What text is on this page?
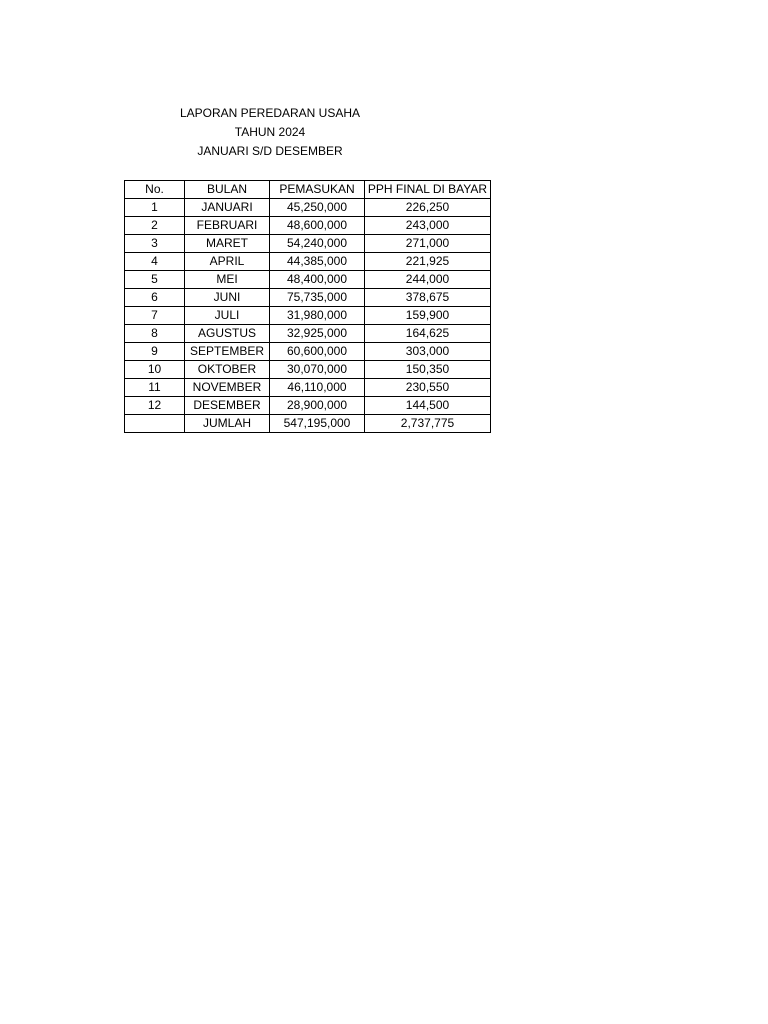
LAPORAN PEREDARAN USAHA
TAHUN 2024
JANUARI S/D DESEMBER
No.	BULAN	PEMASUKAN	PPH FINAL DI BAYAR
1	JANUARI	45,250,000	226,250
2	FEBRUARI	48,600,000	243,000
3	MARET	54,240,000	271,000
4	APRIL	44,385,000	221,925
5	MEI	48,400,000	244,000
6	JUNI	75,735,000	378,675
7	JULI	31,980,000	159,900
8	AGUSTUS	32,925,000	164,625
9	SEPTEMBER	60,600,000	303,000
10	OKTOBER	30,070,000	150,350
11	NOVEMBER	46,110,000	230,550
12	DESEMBER	28,900,000	144,500
	JUMLAH	547,195,000	2,737,775
